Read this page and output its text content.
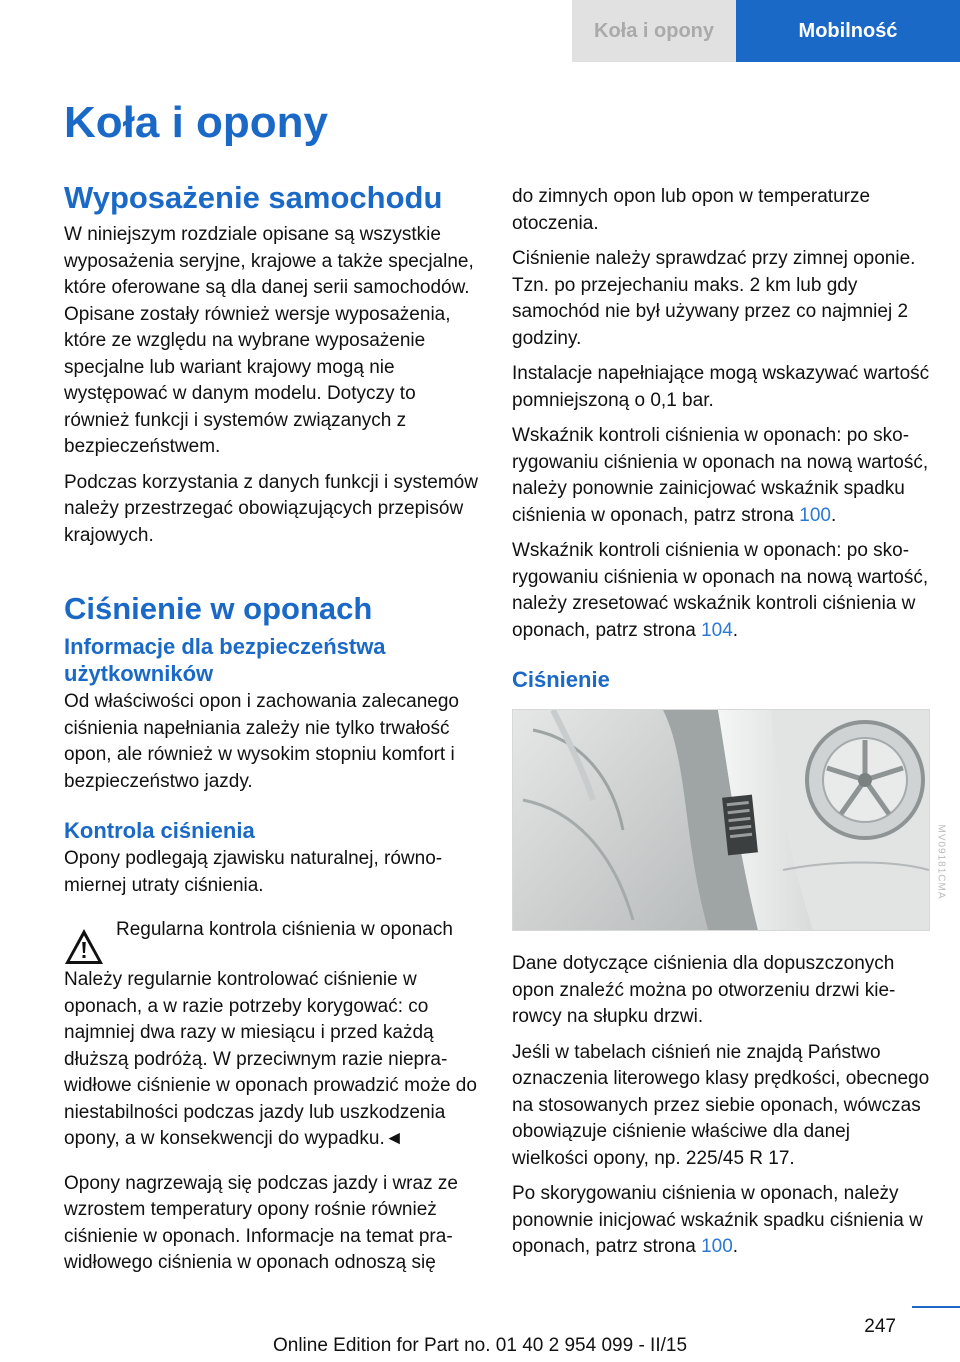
Koła i opony	Mobilność
Koła i opony
Wyposażenie samochodu

W niniejszym rozdziale opisane są wszystkie wyposażenia seryjne, krajowe a także specjalne, które oferowane są dla danej serii samochodów. Opisane zostały również wersje wyposażenia, które ze względu na wybrane wyposażenie specjalne lub wariant krajowy mogą nie występować w danym modelu. Dotyczy to również funkcji i systemów związanych z bezpieczeństwem.

Podczas korzystania z danych funkcji i systemów należy przestrzegać obowiązujących przepisów krajowych.

Ciśnienie w oponach
Informacje dla bezpieczeństwa użytkowników

Od właściwości opon i zachowania zalecanego ciśnienia napełniania zależy nie tylko trwałość opon, ale również w wysokim stopniu komfort i bezpieczeństwo jazdy.

Kontrola ciśnienia

Opony podlegają zjawisku naturalnej, równomiernej utraty ciśnienia.

Regularna kontrola ciśnienia w oponach

Należy regularnie kontrolować ciśnienie w oponach, a w razie potrzeby korygować: co najmniej dwa razy w miesiącu i przed każdą dłuższą podróżą. W przeciwnym razie nieprawidłowe ciśnienie w oponach prowadzić może do niestabilności podczas jazdy lub uszkodzenia opony, a w konsekwencji do wypadku.◄

Opony nagrzewają się podczas jazdy i wraz ze wzrostem temperatury opony rośnie również ciśnienie w oponach. Informacje na temat prawidłowego ciśnienia w oponach odnoszą się

do zimnych opon lub opon w temperaturze otoczenia.

Ciśnienie należy sprawdzać przy zimnej oponie. Tzn. po przejechaniu maks. 2 km lub gdy samochód nie był używany przez co najmniej 2 godziny.

Instalacje napełniające mogą wskazywać wartość pomniejszoną o 0,1 bar.

Wskaźnik kontroli ciśnienia w oponach: po skorygowaniu ciśnienia w oponach na nową wartość, należy ponownie zainicjować wskaźnik spadku ciśnienia w oponach, patrz strona 100.

Wskaźnik kontroli ciśnienia w oponach: po skorygowaniu ciśnienia w oponach na nową wartość, należy zresetować wskaźnik kontroli ciśnienia w oponach, patrz strona 104.

Ciśnienie

Dane dotyczące ciśnienia dla dopuszczonych opon znaleźć można po otworzeniu drzwi kierowcy na słupku drzwi.

Jeśli w tabelach ciśnień nie znajdą Państwo oznaczenia literowego klasy prędkości, obecnego na stosowanych przez siebie oponach, wówczas obowiązuje ciśnienie właściwe dla danej wielkości opony, np. 225/45 R 17.

Po skorygowaniu ciśnienia w oponach, należy ponownie inicjować wskaźnik spadku ciśnienia w oponach, patrz strona 100.

MV09181CMA
247
Online Edition for Part no. 01 40 2 954 099 - II/15
